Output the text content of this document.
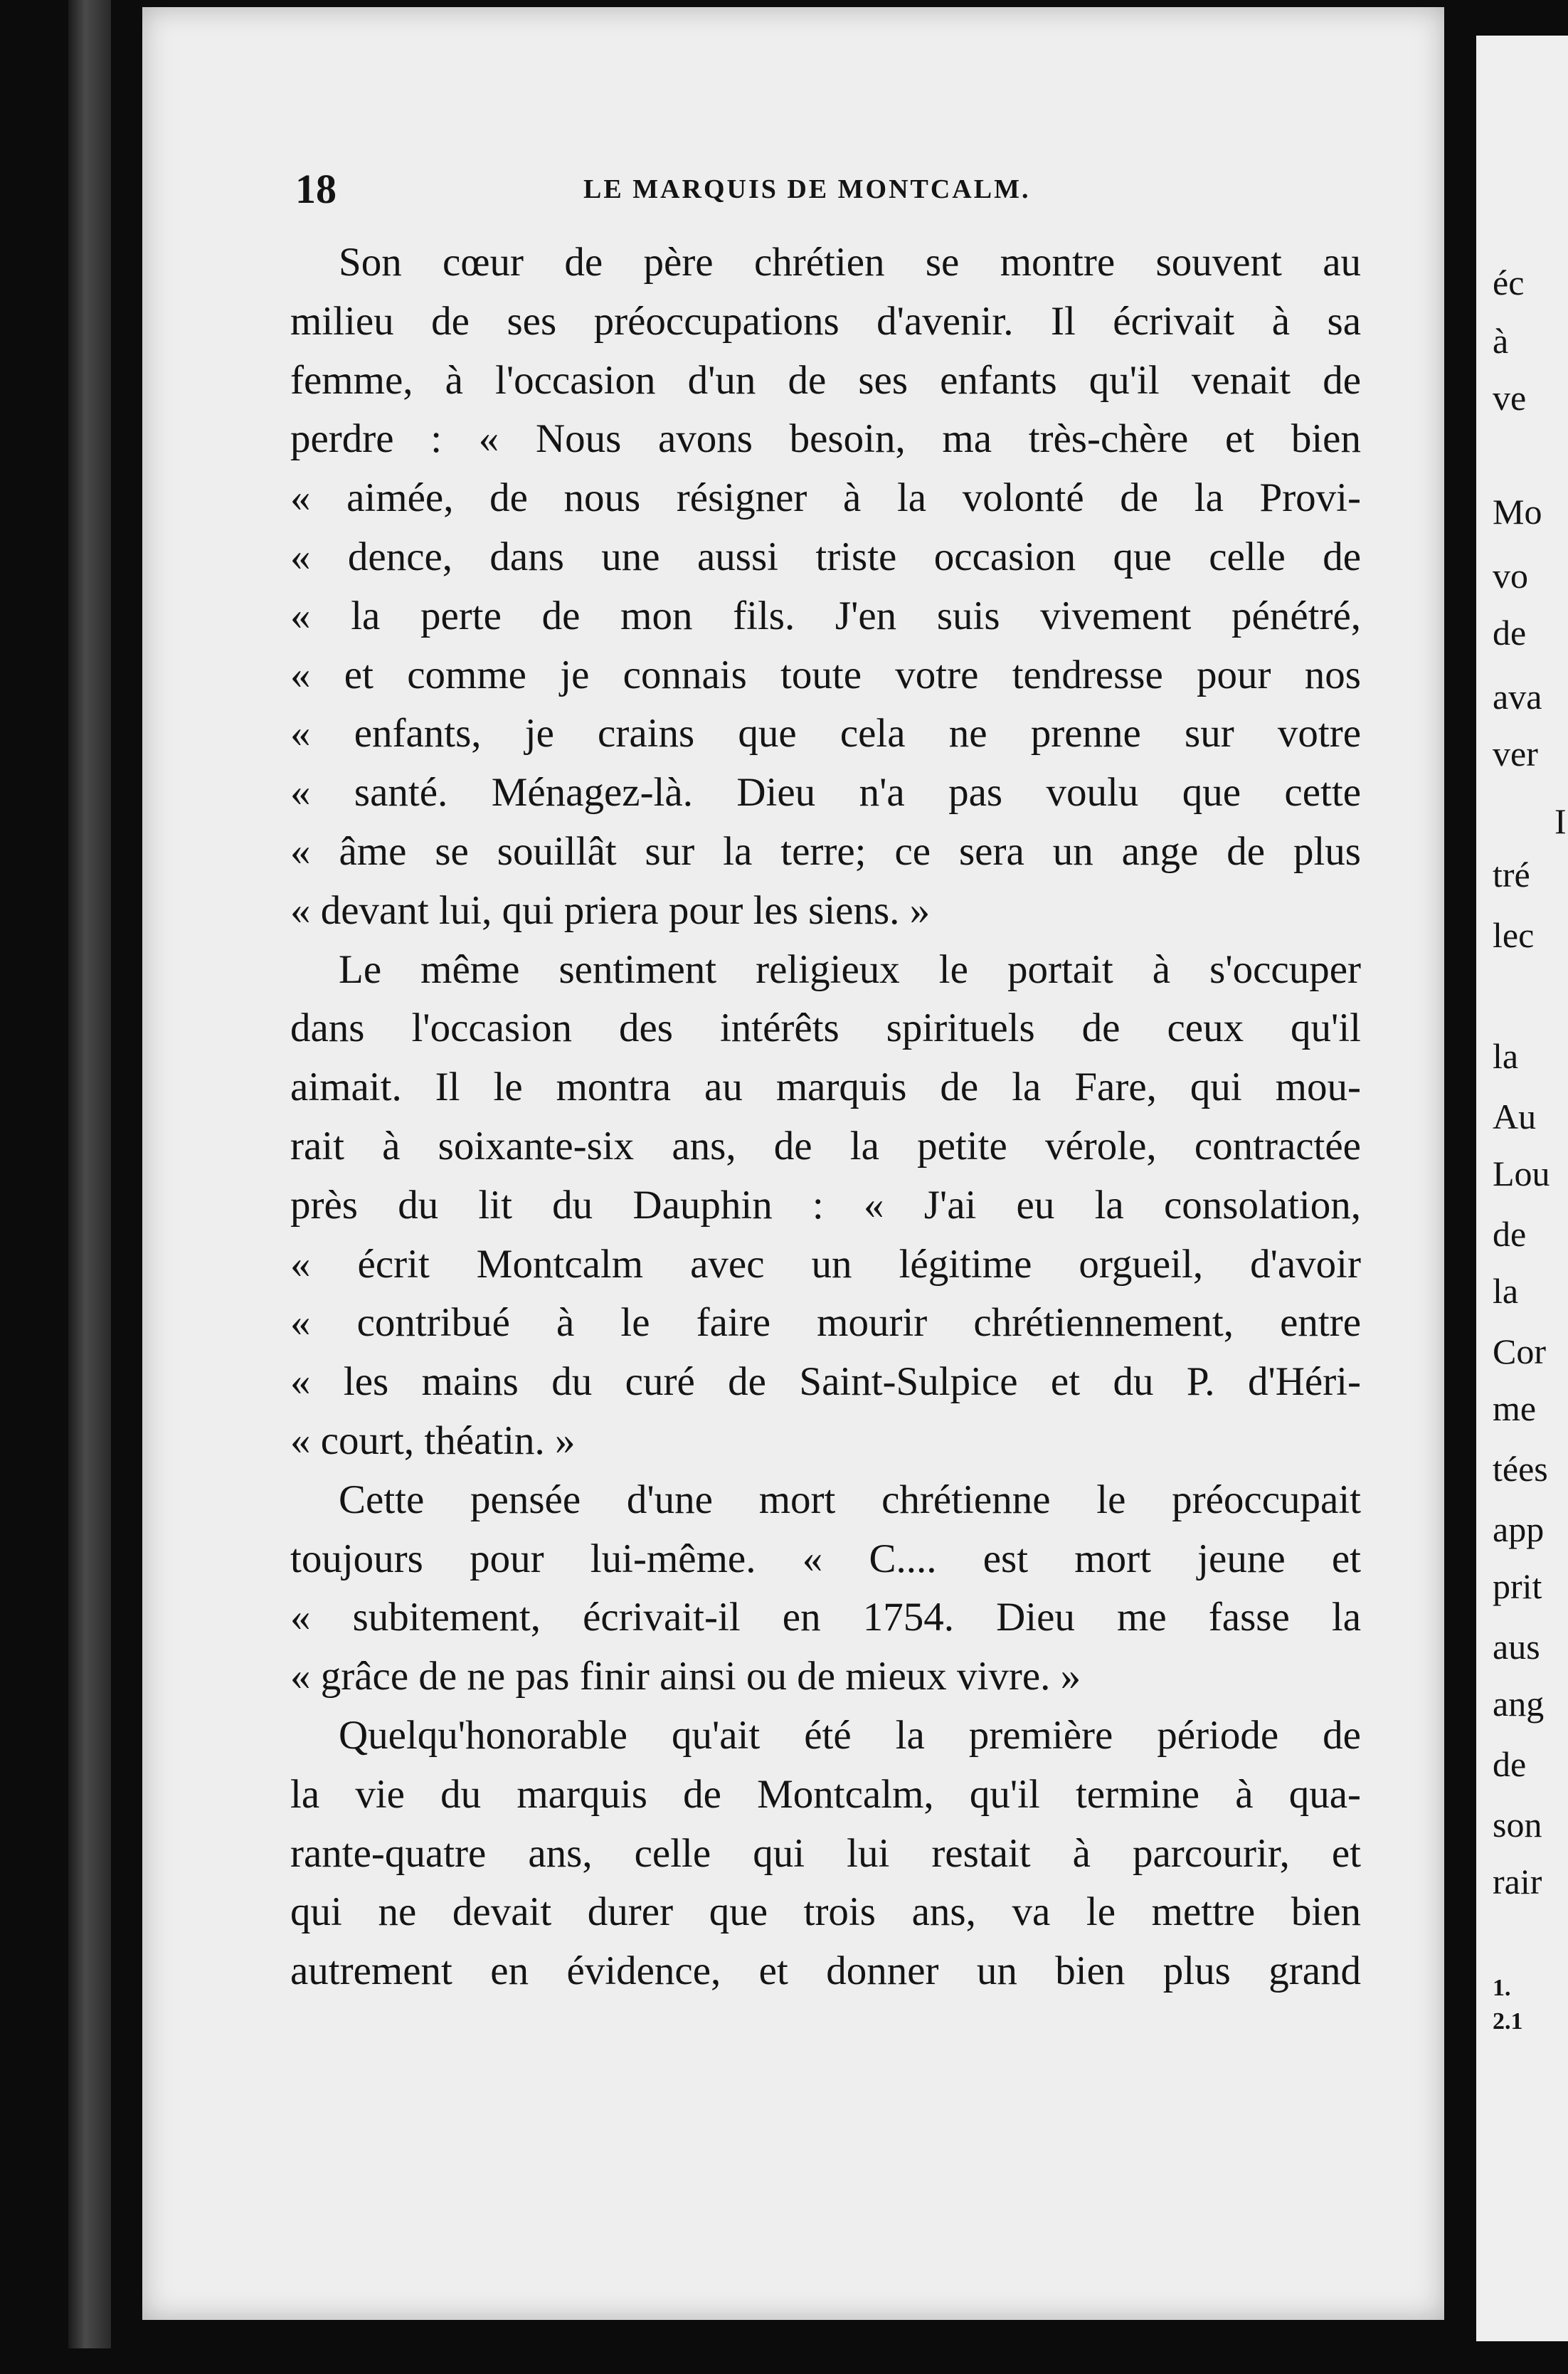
18	LE MARQUIS DE MONTCALM.
Son cœur de père chrétien se montre souvent au
milieu de ses préoccupations d'avenir. Il écrivait à sa
femme, à l'occasion d'un de ses enfants qu'il venait de
perdre : « Nous avons besoin, ma très-chère et bien
« aimée, de nous résigner à la volonté de la Provi-
« dence, dans une aussi triste occasion que celle de
« la perte de mon fils. J'en suis vivement pénétré,
« et comme je connais toute votre tendresse pour nos
« enfants, je crains que cela ne prenne sur votre
« santé. Ménagez-là. Dieu n'a pas voulu que cette
« âme se souillât sur la terre; ce sera un ange de plus
« devant lui, qui priera pour les siens. »
Le même sentiment religieux le portait à s'occuper
dans l'occasion des intérêts spirituels de ceux qu'il
aimait. Il le montra au marquis de la Fare, qui mou-
rait à soixante-six ans, de la petite vérole, contractée
près du lit du Dauphin : « J'ai eu la consolation,
« écrit Montcalm avec un légitime orgueil, d'avoir
« contribué à le faire mourir chrétiennement, entre
« les mains du curé de Saint-Sulpice et du P. d'Héri-
« court, théatin. »
Cette pensée d'une mort chrétienne le préoccupait
toujours pour lui-même. « C.... est mort jeune et
« subitement, écrivait-il en 1754. Dieu me fasse la
« grâce de ne pas finir ainsi ou de mieux vivre. »
Quelqu'honorable qu'ait été la première période de
la vie du marquis de Montcalm, qu'il termine à qua-
rante-quatre ans, celle qui lui restait à parcourir, et
qui ne devait durer que trois ans, va le mettre bien
autrement en évidence, et donner un bien plus grand
éc
à
ve
Mo
vo
de
ava
ver
I
tré
lec
la
Au
Lou
de
la
Cor
me
tées
app
prit
aus
ang
de
son
rair
1.
2.1
